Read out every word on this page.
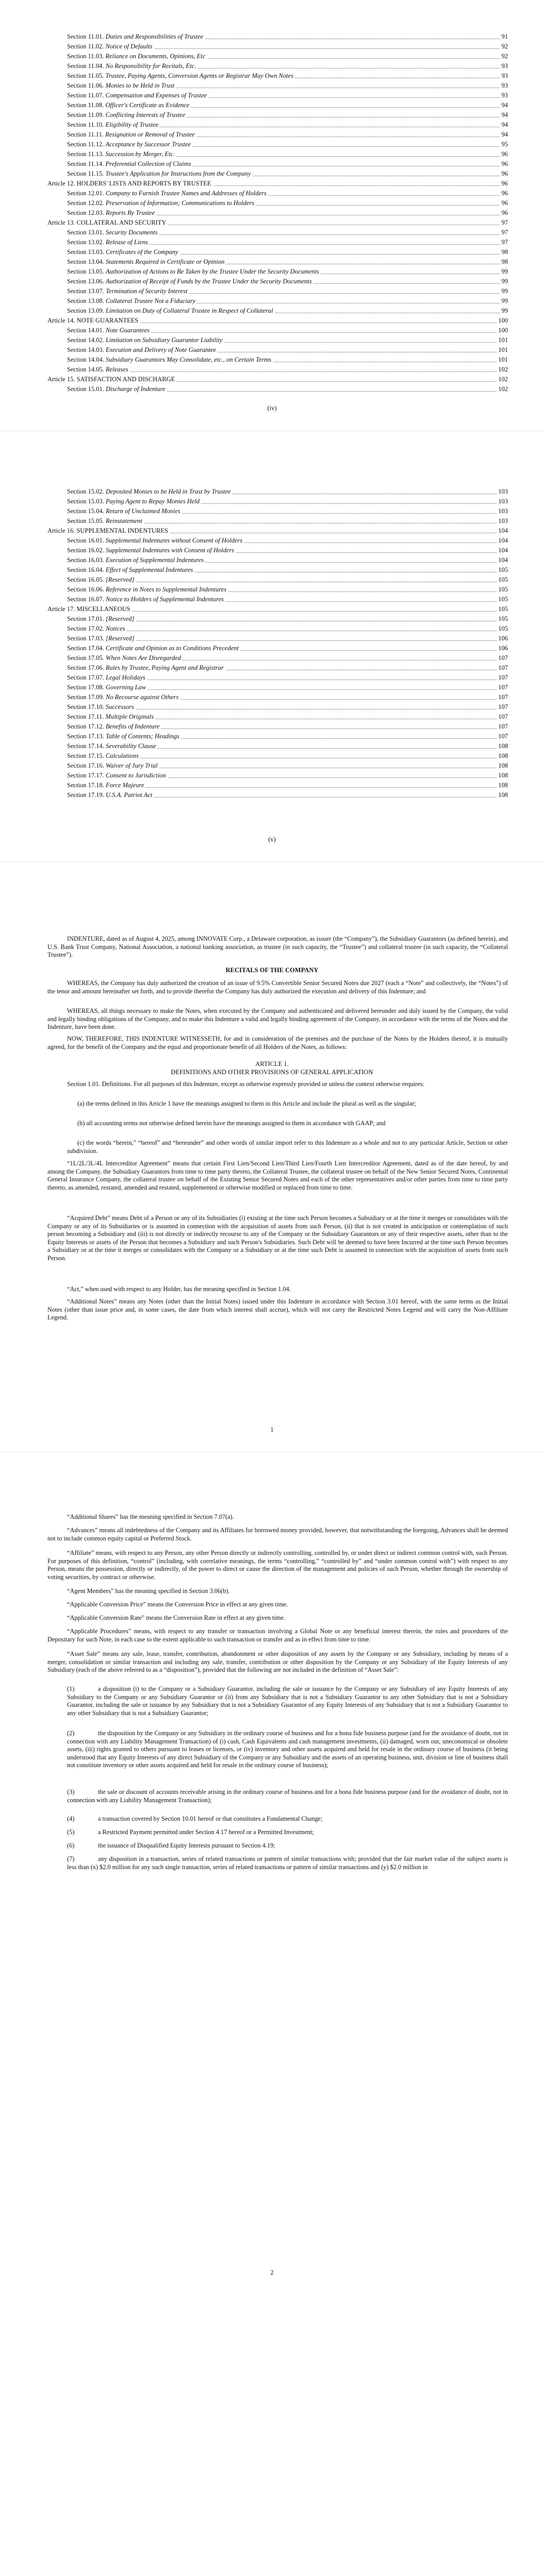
Section 11.01. Duties and Responsibilities of Trustee	91
Section 11.02. Notice of Defaults	92
Section 11.03. Reliance on Documents, Opinions, Etc	92
Section 11.04. No Responsibility for Recitals, Etc.	93
Section 11.05. Trustee, Paying Agents, Conversion Agents or Registrar May Own Notes	93
Section 11.06. Monies to be Held in Trust	93
Section 11.07. Compensation and Expenses of Trustee	93
Section 11.08. Officer's Certificate as Evidence	94
Section 11.09. Conflicting Interests of Trustee	94
Section 11.10. Eligibility of Trustee	94
Section 11.11. Resignation or Removal of Trustee	94
Section 11.12. Acceptance by Successor Trustee	95
Section 11.13. Succession by Merger, Etc.	96
Section 11.14. Preferential Collection of Claims	96
Section 11.15. Trustee's Application for Instructions from the Company	96
Article 12. HOLDERS' LISTS AND REPORTS BY TRUSTEE	96
Section 12.01. Company to Furnish Trustee Names and Addresses of Holders	96
Section 12.02. Preservation of Information; Communications to Holders	96
Section 12.03. Reports By Trustee	96
Article 13. COLLATERAL AND SECURITY	97
Section 13.01. Security Documents	97
Section 13.02. Release of Liens	97
Section 13.03. Certificates of the Company	98
Section 13.04. Statements Required in Certificate or Opinion	98
Section 13.05. Authorization of Actions to Be Taken by the Trustee Under the Security Documents	99
Section 13.06. Authorization of Receipt of Funds by the Trustee Under the Security Documents	99
Section 13.07. Termination of Security Interest	99
Section 13.08. Collateral Trustee Not a Fiduciary	99
Section 13.09. Limitation on Duty of Collateral Trustee in Respect of Collateral	99
Article 14. NOTE GUARANTEES	100
Section 14.01. Note Guarantees	100
Section 14.02. Limitation on Subsidiary Guarantor Liability	101
Section 14.03. Execution and Delivery of Note Guarantee	101
Section 14.04. Subsidiary Guarantors May Consolidate, etc., on Certain Terms	101
Section 14.05. Releases	102
Article 15. SATISFACTION AND DISCHARGE	102
Section 15.01. Discharge of Indenture	102
(iv)
Section 15.02. Deposited Monies to be Held in Trust by Trustee	103
Section 15.03. Paying Agent to Repay Monies Held	103
Section 15.04. Return of Unclaimed Monies	103
Section 15.05. Reinstatement	103
Article 16. SUPPLEMENTAL INDENTURES	104
Section 16.01. Supplemental Indentures without Consent of Holders	104
Section 16.02. Supplemental Indentures with Consent of Holders	104
Section 16.03. Execution of Supplemental Indentures	104
Section 16.04. Effect of Supplemental Indentures	105
Section 16.05. [Reserved]	105
Section 16.06. Reference in Notes to Supplemental Indentures	105
Section 16.07. Notice to Holders of Supplemental Indentures	105
Article 17. MISCELLANEOUS	105
Section 17.01. [Reserved]	105
Section 17.02. Notices	105
Section 17.03. [Reserved]	106
Section 17.04. Certificate and Opinion as to Conditions Precedent	106
Section 17.05. When Notes Are Disregarded	107
Section 17.06. Rules by Trustee, Paying Agent and Registrar	107
Section 17.07. Legal Holidays	107
Section 17.08. Governing Law	107
Section 17.09. No Recourse against Others	107
Section 17.10. Successors	107
Section 17.11. Multiple Originals	107
Section 17.12. Benefits of Indenture	107
Section 17.13. Table of Contents; Headings	107
Section 17.14. Severability Clause	108
Section 17.15. Calculations	108
Section 17.16. Waiver of Jury Trial	108
Section 17.17. Consent to Jurisdiction	108
Section 17.18. Force Majeure	108
Section 17.19. U.S.A. Patriot Act	108
(v)
INDENTURE, dated as of August 4, 2025, among INNOVATE Corp., a Delaware corporation, as issuer (the “Company”), the Subsidiary Guarantors (as defined herein), and U.S. Bank Trust Company, National Association, a national banking association, as trustee (in such capacity, the “Trustee”) and collateral trustee (in such capacity, the “Collateral Trustee”).
RECITALS OF THE COMPANY
WHEREAS, the Company has duly authorized the creation of an issue of 9.5% Convertible Senior Secured Notes due 2027 (each a “Note” and collectively, the “Notes”) of the tenor and amount hereinafter set forth, and to provide therefor the Company has duly authorized the execution and delivery of this Indenture; and
WHEREAS, all things necessary to make the Notes, when executed by the Company and authenticated and delivered hereunder and duly issued by the Company, the valid and legally binding obligations of the Company, and to make this Indenture a valid and legally binding agreement of the Company, in accordance with the terms of the Notes and the Indenture, have been done.
NOW, THEREFORE, THIS INDENTURE WITNESSETH, for and in consideration of the premises and the purchase of the Notes by the Holders thereof, it is mutually agreed, for the benefit of the Company and the equal and proportionate benefit of all Holders of the Notes, as follows:
ARTICLE 1.
DEFINITIONS AND OTHER PROVISIONS OF GENERAL APPLICATION
Section 1.01. Definitions. For all purposes of this Indenture, except as otherwise expressly provided or unless the context otherwise requires:
(a) the terms defined in this Article 1 have the meanings assigned to them in this Article and include the plural as well as the singular;
(b) all accounting terms not otherwise defined herein have the meanings assigned to them in accordance with GAAP; and
(c) the words “herein,” “hereof” and “hereunder” and other words of similar import refer to this Indenture as a whole and not to any particular Article, Section or other subdivision.
“1L/2L/3L/4L Intercreditor Agreement” means that certain First Lien/Second Lien/Third Lien/Fourth Lien Intercreditor Agreement, dated as of the date hereof, by and among the Company, the Subsidiary Guarantors from time to time party thereto, the Collateral Trustee, the collateral trustee on behalf of the New Senior Secured Notes, Continental General Insurance Company, the collateral trustee on behalf of the Existing Senior Secured Notes and each of the other representatives and/or other parties from time to time party thereto, as amended, restated, amended and restated, supplemented or otherwise modified or replaced from time to time.
“Acquired Debt” means Debt of a Person or any of its Subsidiaries (i) existing at the time such Person becomes a Subsidiary or at the time it merges or consolidates with the Company or any of its Subsidiaries or is assumed in connection with the acquisition of assets from such Person, (ii) that is not created in anticipation or contemplation of such person becoming a Subsidiary and (iii) is not directly or indirectly recourse to any of the Company or the Subsidiary Guarantors or any of their respective assets, other than to the Equity Interests or assets of the Person that becomes a Subsidiary and such Person's Subsidiaries. Such Debt will be deemed to have been Incurred at the time such Person becomes a Subsidiary or at the time it merges or consolidates with the Company or a Subsidiary or at the time such Debt is assumed in connection with the acquisition of assets from such Person.
“Act,” when used with respect to any Holder, has the meaning specified in Section 1.04.
“Additional Notes” means any Notes (other than the Initial Notes) issued under this Indenture in accordance with Section 3.01 hereof, with the same terms as the Initial Notes (other than issue price and, in some cases, the date from which interest shall accrue), which will not carry the Restricted Notes Legend and will carry the Non-Affiliate Legend.
1
“Additional Shares” has the meaning specified in Section 7.07(a).
“Advances” means all indebtedness of the Company and its Affiliates for borrowed money provided, however, that notwithstanding the foregoing, Advances shall be deemed not to include common equity capital or Preferred Stock.
“Affiliate” means, with respect to any Person, any other Person directly or indirectly controlling, controlled by, or under direct or indirect common control with, such Person. For purposes of this definition, “control” (including, with correlative meanings, the terms “controlling,” “controlled by” and “under common control with”) with respect to any Person, means the possession, directly or indirectly, of the power to direct or cause the direction of the management and policies of such Person, whether through the ownership of voting securities, by contract or otherwise.
“Agent Members” has the meaning specified in Section 3.06(b).
“Applicable Conversion Price” means the Conversion Price in effect at any given time.
“Applicable Conversion Rate” means the Conversion Rate in effect at any given time.
“Applicable Procedures” means, with respect to any transfer or transaction involving a Global Note or any beneficial interest therein, the rules and procedures of the Depositary for such Note, in each case to the extent applicable to such transaction or transfer and as in effect from time to time.
“Asset Sale” means any sale, lease, transfer, contribution, abandonment or other disposition of any assets by the Company or any Subsidiary, including by means of a merger, consolidation or similar transaction and including any sale, transfer, contribution or other disposition by the Company or any Subsidiary of the Equity Interests of any Subsidiary (each of the above referred to as a “disposition”), provided that the following are not included in the definition of “Asset Sale”:
(1)	a disposition (i) to the Company or a Subsidiary Guarantor, including the sale or issuance by the Company or any Subsidiary of any Equity Interests of any Subsidiary to the Company or any Subsidiary Guarantor or (ii) from any Subsidiary that is not a Subsidiary Guarantor to any other Subsidiary that is not a Subsidiary Guarantor, including the sale or issuance by any Subsidiary that is not a Subsidiary Guarantor of any Equity Interests of any Subsidiary that is not a Subsidiary Guarantor to any other Subsidiary that is not a Subsidiary Guarantor;
(2)	the disposition by the Company or any Subsidiary in the ordinary course of business and for a bona fide business purpose (and for the avoidance of doubt, not in connection with any Liability Management Transaction) of (i) cash, Cash Equivalents and cash management investments, (ii) damaged, worn out, uneconomical or obsolete assets, (iii) rights granted to others pursuant to leases or licenses, or (iv) inventory and other assets acquired and held for resale in the ordinary course of business (it being understood that any Equity Interests of any direct Subsidiary of the Company or any Subsidiary and the assets of an operating business, unit, division or line of business shall not constitute inventory or other assets acquired and held for resale in the ordinary course of business);
(3)	the sale or discount of accounts receivable arising in the ordinary course of business and for a bona fide business purpose (and for the avoidance of doubt, not in connection with any Liability Management Transaction);
(4)	a transaction covered by Section 10.01 hereof or that constitutes a Fundamental Change;
(5)	a Restricted Payment permitted under Section 4.17 hereof or a Permitted Investment;
(6)	the issuance of Disqualified Equity Interests pursuant to Section 4.19;
(7)	any disposition in a transaction, series of related transactions or pattern of similar transactions with; provided that the fair market value of the subject assets is less than (x) $2.0 million for any such single transaction, series of related transactions or pattern of similar transactions and (y) $2.0 million in
2
